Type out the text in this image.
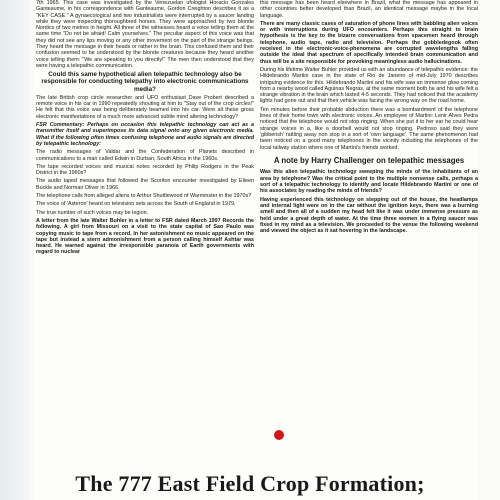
7th 1965. This case was investigated by the Venezuelan ufologist Horacio Gonzales Ganteaume, in his correspondence with Ganteaume, Gordon Creighton describes it as a "KEY CASE." A gynaecological and two industrialists were interrupted by a saucer landing while they were inspecting thoroughbred horses. They were approached by two blonde Nordics of two metres in height. All three of the witnesses heard a voice telling them at the same time "Do not be afraid! Calm yourselves." The peculiar aspect of this voice was that they did not see any lips moving or any other movement on the part of the strange beings. They heard the message in their heads or rather in the brain. This confused them and their confusion seemed to be understood by the blonde creatures because they heard another voice telling them: "We are speaking to you directly!" The men then understood that they were having a telepathic communication.

Could this same hypothetical alien telepathic technology also be responsible for conducting telepathy into electronic communications media?

The late British crop circle researcher and UFO enthusiast Dave Probert described a remote voice in his car in 1990 repeatedly shouting at him to "Stay out of the crop circles!" He felt that this voice was being deliberately beamed into his car. Were all these gross electronic manifestations of a much more advanced subtle mind altering technology?

FSR Commentary: Perhaps on occasion this telepathic technology can act as a transmitter itself and superimpose its data signal onto any given electronic media. What if the following often times confusing telephone and audio signals are directed by telepathic technology:

The radio messages of Valdar and the Confederation of Planets described in communications to a man called Edwin in Durban, South Africa in the 1960s.

The tape recorded voices and musical notes recorded by Philip Rodgers in the Peak District in the 1960s?

The audio taped messages that followed the Scoriton encounter investigated by Eileen Buckle and Norman Oliver in 1966.

The telephone calls from alleged aliens to Arthur Shuttlewood of Warminster in the 1970s?

The voice of 'Asteron' heard on television sets across the South of England in 1979.

The true number of such voices may be legion.

A letter from the late Walter Buhler in a letter to FSR dated March 1997 Records the following. A girl from Missouri on a visit to the state capital of Sao Paulo was copying music to tape from a record. In her astonishment no music appeared on the tape but instead a stern admonishment from a person calling himself Ashtar was heard. He warned against the irresponsible paranoia of Earth governments with regard to nuclear

this message has been heard elsewhere in Brazil, what the message has appeared in other countries better developed than Brazil, an identical message maybe in the local language.

There are many classic cases of saturation of phone lines with babbling alien voices or with interruptions during UFO encounters. Perhaps this straight to brain hypothesis is the key to the bizarre conversations from spacemen heard through telephone, audio tape, radio and television. Perhaps the gobbledegook often received in the electronic-voice-phenomena are corrupted wavelengths falling outside the ideal that spectrum of specifically intended brain communication and thus will be a site responsible for provoking meaningless audio hallucinations.

During his lifetime Walter Buhler provided us with an abundance of telepathic evidence: the Hildebrando Martini case in the state of Rio de Janeiro of mid-July 1970 describes intriguing evidence for this. Hildebrando Martini and his wife saw an immense glow coming from a nearby wood called Aguinas Negras, at the same moment both he and his wife felt a strange vibration in the brain which lasted 4-5 seconds. They had noticed that the academy lights had gone out and that their vehicle was facing the wrong way on the road home.

Ten minutes before their probable abduction there was a bombardment of the telephone lines of their home town with electronic voices. An employee of Martini: Lenir Alves Pedra noticed that the telephone would not stop ringing. When she put it to her ear he could hear strange voices in a, like a doorbell would not stop ringing. Pedroso said they were 'gibberish' rattling away non stop in a sort of 'own language'. The same phenomenon had been noticed on a good many telephones in the vicinity including the telephones of the local railway station where one of Martini's friends worked.

A note by Harry Challenger on telepathic messages

Was this alien telepathic technology sweeping the minds of the inhabitants of an area by telephone? Was the critical point to the multiple nonsense calls, perhaps a sort of a telepathic technology to identify and locate Hildebrando Martini or one of his associates by reading the minds of friends?

Having experienced this technology on stepping out of the house, the headlamps and internal light were on in the car without the ignition keys, there was a burning smell and then all of a sudden my head felt like it was under immense pressure as held under a great depth of water. At the time three women in a flying saucer was fixed in my mind as a television. We proceeded to the venue the following weekend and viewed the object as it sat hovering in the landscape.

The 777 East Field Crop Formation;
